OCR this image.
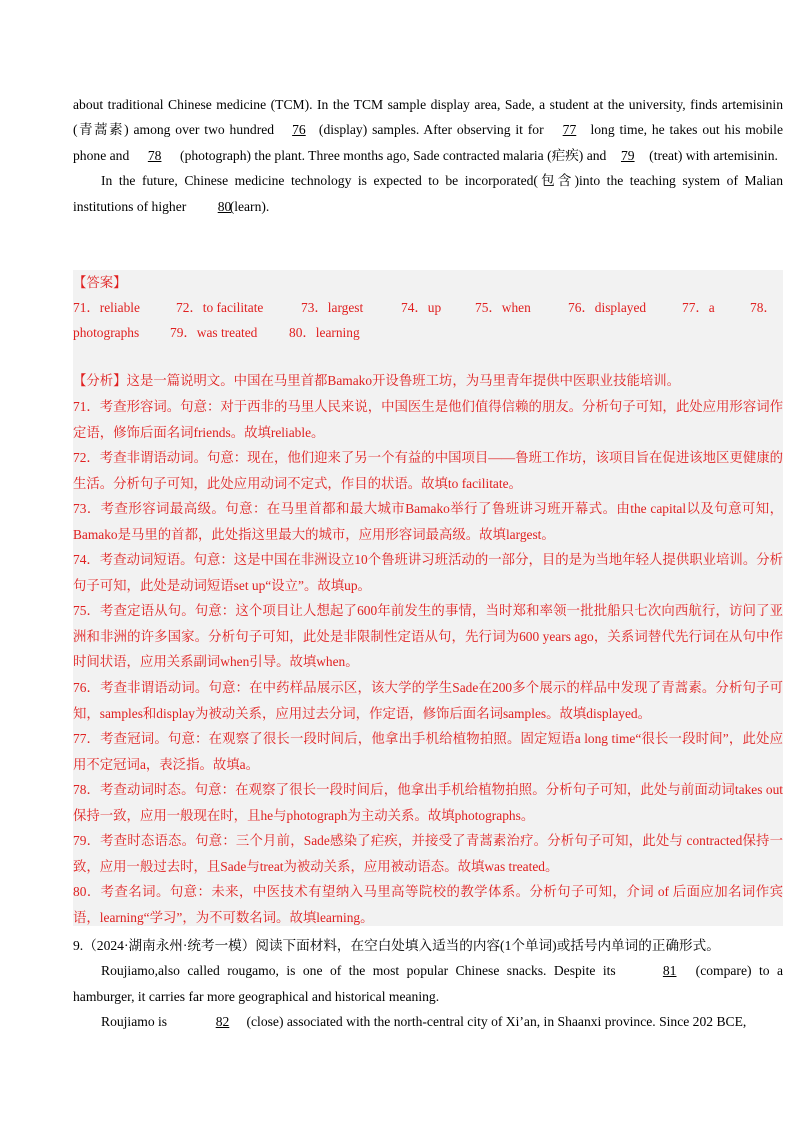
about traditional Chinese medicine (TCM). In the TCM sample display area, Sade, a student at the university, finds artemisinin (青蒿素) among over two hundred 76 (display) samples. After observing it for 77 long time, he takes out his mobile phone and 78 (photograph) the plant. Three months ago, Sade contracted malaria (疟疾) and 79 (treat) with artemisinin.

In the future, Chinese medicine technology is expected to be incorporated(包含)into the teaching system of Malian institutions of higher 80(learn).

【答案】
71．reliable	72．to facilitate	73．largest	74．up	75．when	76．displayed	77．a	78．
photographs 79．was treated 80．learning

【分析】这是一篇说明文。中国在马里首都Bamako开设鲁班工坊，为马里青年提供中医职业技能培训。

71．考查形容词。句意：对于西非的马里人民来说，中国医生是他们值得信赖的朋友。分析句子可知，此处应用形容词作定语，修饰后面名词friends。故填reliable。

72．考查非谓语动词。句意：现在，他们迎来了另一个有益的中国项目——鲁班工作坊，该项目旨在促进该地区更健康的生活。分析句子可知，此处应用动词不定式，作目的状语。故填to facilitate。

73．考查形容词最高级。句意：在马里首都和最大城市Bamako举行了鲁班讲习班开幕式。由the capital以及句意可知，Bamako是马里的首都，此处指这里最大的城市，应用形容词最高级。故填largest。

74．考查动词短语。句意：这是中国在非洲设立10个鲁班讲习班活动的一部分，目的是为当地年轻人提供职业培训。分析句子可知，此处是动词短语set up“设立”。故填up。

75．考查定语从句。句意：这个项目让人想起了600年前发生的事情，当时郑和率领一批批船只七次向西航行，访问了亚洲和非洲的许多国家。分析句子可知，此处是非限制性定语从句，先行词为600 years ago，关系词替代先行词在从句中作时间状语，应用关系副词when引导。故填when。

76．考查非谓语动词。句意：在中药样品展示区，该大学的学生Sade在200多个展示的样品中发现了青蒿素。分析句子可知，samples和display为被动关系，应用过去分词，作定语，修饰后面名词samples。故填displayed。

77．考查冠词。句意：在观察了很长一段时间后，他拿出手机给植物拍照。固定短语a long time“很长一段时间”，此处应用不定冠词a，表泛指。故填a。

78．考查动词时态。句意：在观察了很长一段时间后，他拿出手机给植物拍照。分析句子可知，此处与前面动词takes out保持一致，应用一般现在时，且he与photograph为主动关系。故填photographs。

79．考查时态语态。句意：三个月前，Sade感染了疟疾，并接受了青蒿素治疗。分析句子可知，此处与 contracted保持一致，应用一般过去时，且Sade与treat为被动关系，应用被动语态。故填was treated。

80．考查名词。句意：未来，中医技术有望纳入马里高等院校的教学体系。分析句子可知，介词 of 后面应加名词作宾语，learning“学习”，为不可数名词。故填learning。

9.（2024·湖南永州·统考一模）阅读下面材料，在空白处填入适当的内容(1个单词)或括号内单词的正确形式。

Roujiamo,also called rougamo, is one of the most popular Chinese snacks. Despite its	81 (compare) to a hamburger, it carries far more geographical and historical meaning.

Roujiamo is	82 (close) associated with the north-central city of Xi’an, in Shaanxi province. Since 202 BCE,
